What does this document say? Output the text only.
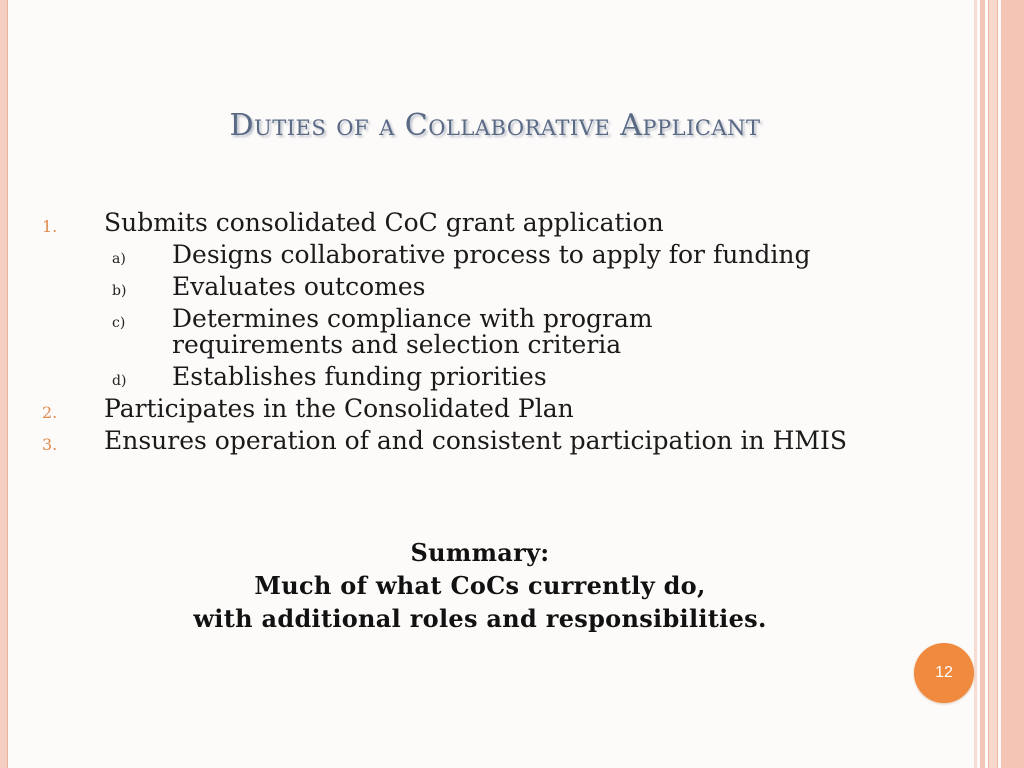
Duties of a Collaborative Applicant
1. Submits consolidated CoC grant application
a) Designs collaborative process to apply for funding
b) Evaluates outcomes
c) Determines compliance with program requirements and selection criteria
d) Establishes funding priorities
2. Participates in the Consolidated Plan
3. Ensures operation of and consistent participation in HMIS
Summary:
Much of what CoCs currently do,
with additional roles and responsibilities.
12
